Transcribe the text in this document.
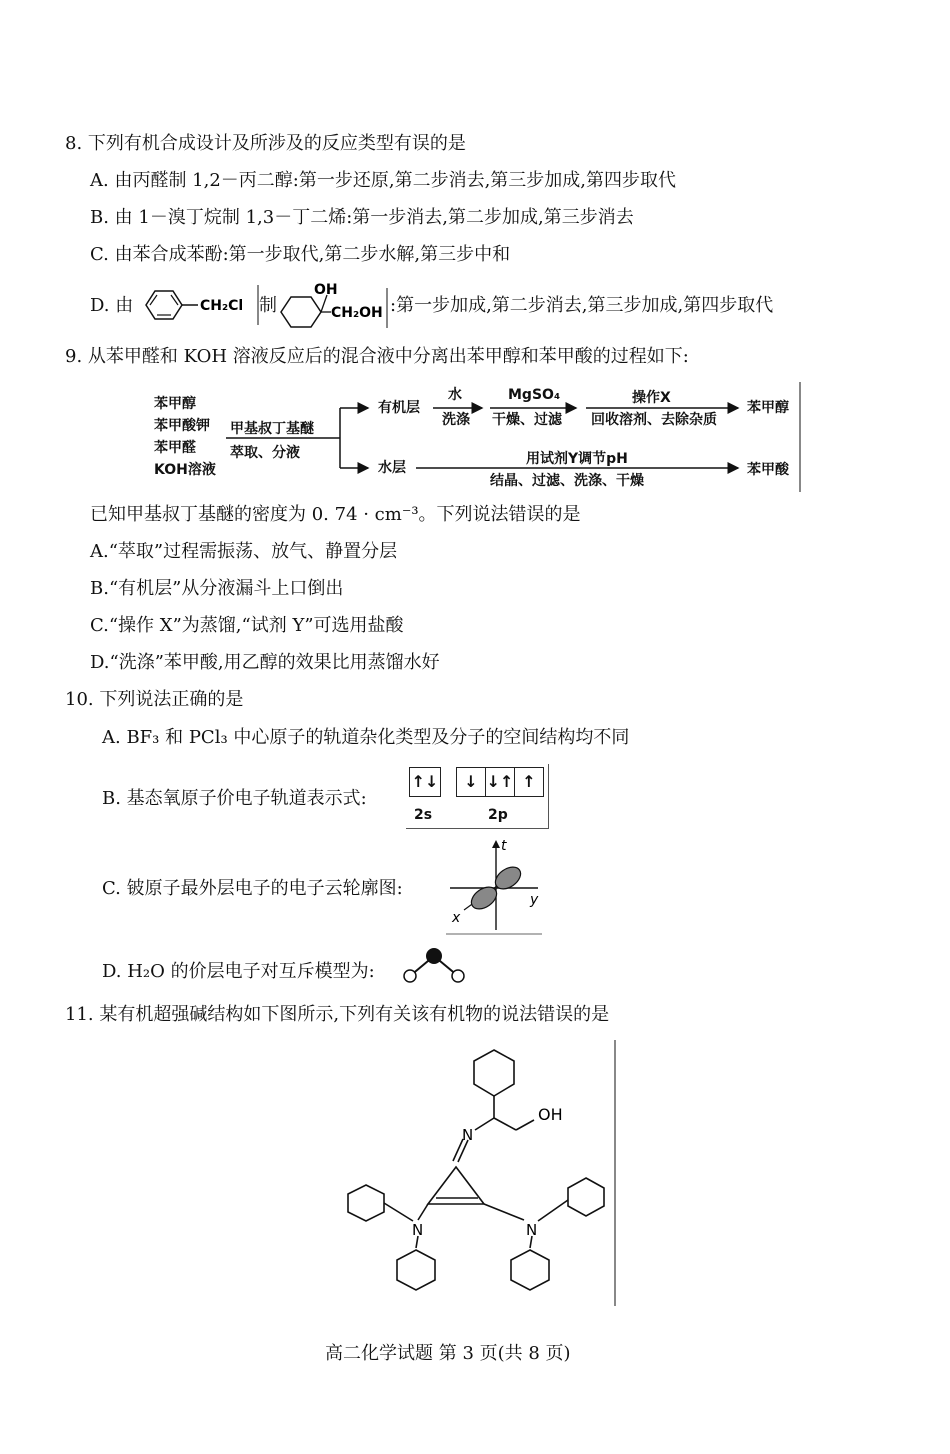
8. 下列有机合成设计及所涉及的反应类型有误的是
A. 由丙醛制 1,2－丙二醇:第一步还原,第二步消去,第三步加成,第四步取代
B. 由 1－溴丁烷制 1,3－丁二烯:第一步消去,第二步加成,第三步消去
C. 由苯合成苯酚:第一步取代,第二步水解,第三步中和
D. 由	CH₂Cl 制
OH
CH₂OH :第一步加成,第二步消去,第三步加成,第四步取代
9. 从苯甲醛和 KOH 溶液反应后的混合液中分离出苯甲醇和苯甲酸的过程如下:
苯甲醇
苯甲酸钾
苯甲醛
KOH溶液
甲基叔丁基醚
萃取、分液
有机层
水层
水
洗涤
MgSO₄
干燥、过滤
操作X
回收溶剂、去除杂质
苯甲醇
用试剂Y调节pH
结晶、过滤、洗涤、干燥
苯甲酸
已知甲基叔丁基醚的密度为 0. 74 · cm⁻³。下列说法错误的是
A.“萃取”过程需振荡、放气、静置分层
B.“有机层”从分液漏斗上口倒出
C.“操作 X”为蒸馏,“试剂 Y”可选用盐酸
D.“洗涤”苯甲酸,用乙醇的效果比用蒸馏水好
10. 下列说法正确的是
A. BF₃ 和 PCl₃ 中心原子的轨道杂化类型及分子的空间结构均不同
B. 基态氧原子价电子轨道表示式:
↑↓	↓ ↓↑ ↑
2s	2p
C. 铍原子最外层电子的电子云轮廓图:
t
x
y
D. H₂O 的价层电子对互斥模型为:
11. 某有机超强碱结构如下图所示,下列有关该有机物的说法错误的是
OH
N
N	N
高二化学试题 第 3 页(共 8 页)
